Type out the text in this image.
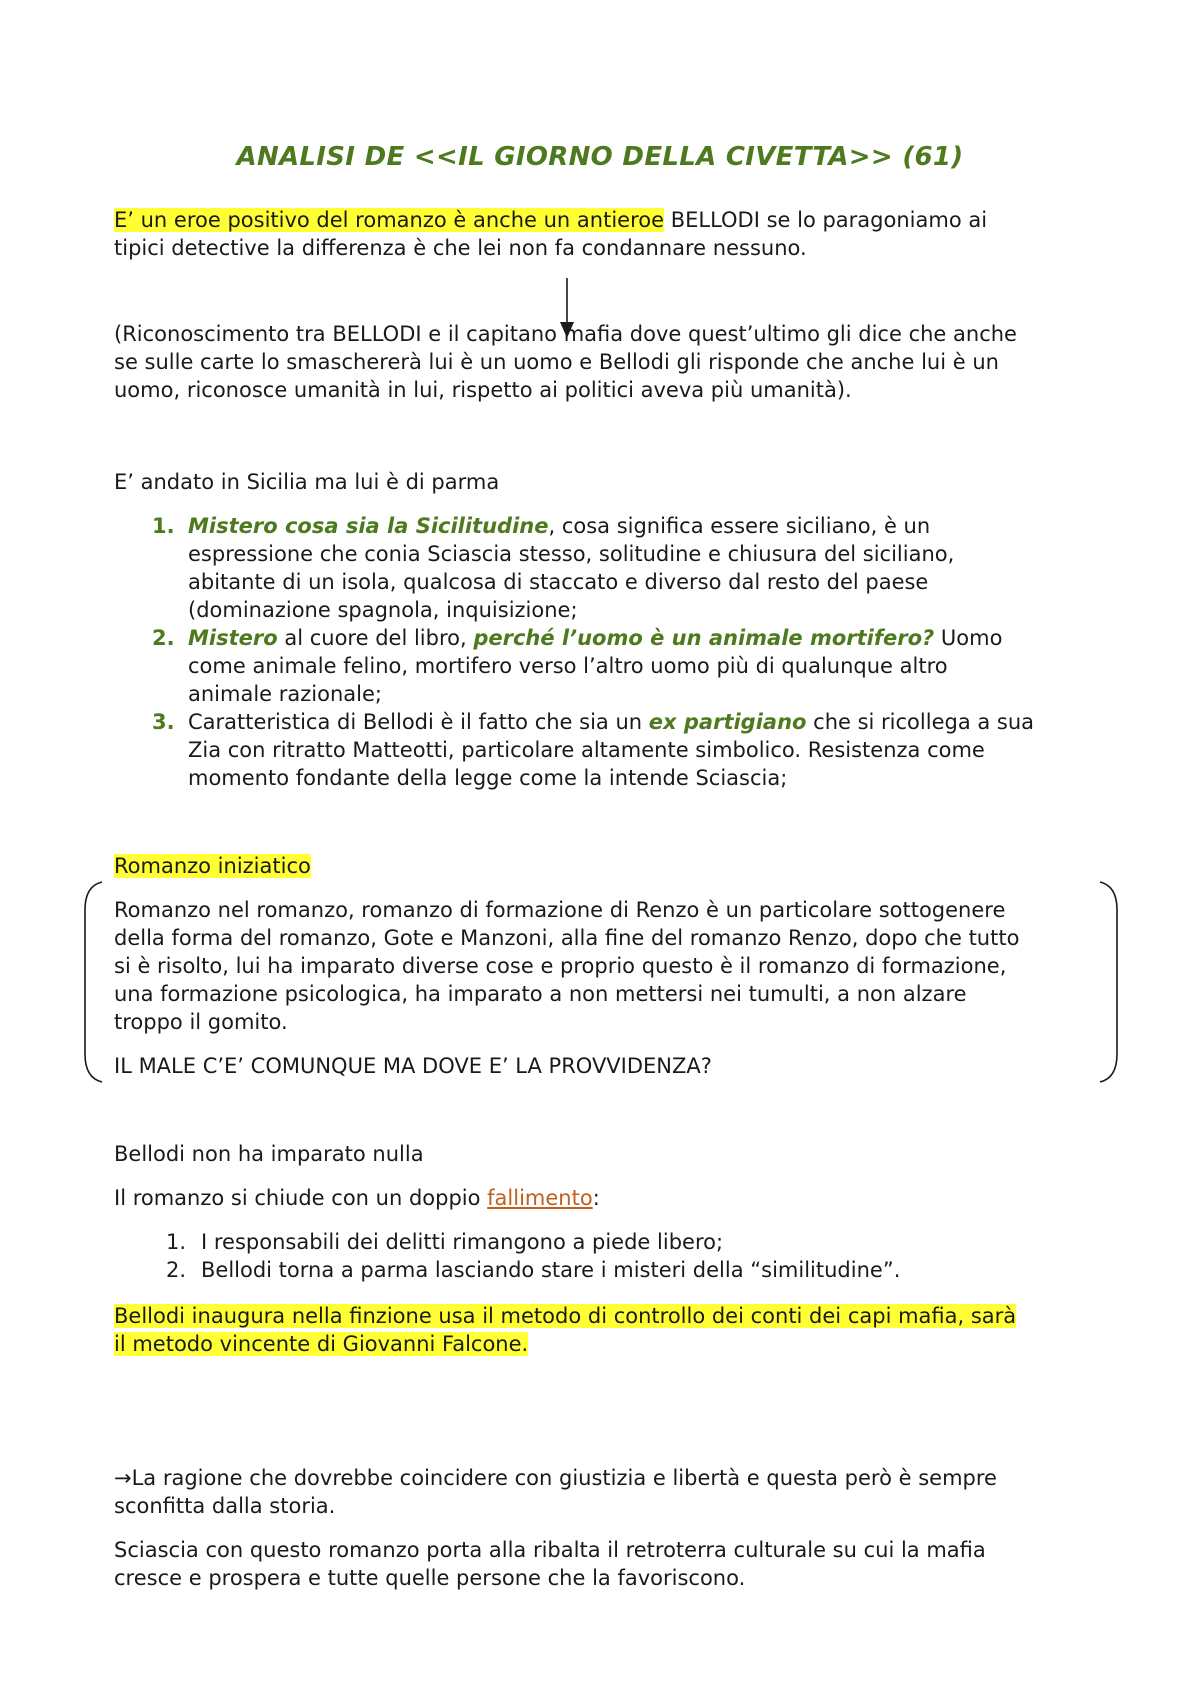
ANALISI DE <<IL GIORNO DELLA CIVETTA>> (61)

E’ un eroe positivo del romanzo è anche un antieroe BELLODI se lo paragoniamo ai
tipici detective la differenza è che lei non fa condannare nessuno.

(Riconoscimento tra BELLODI e il capitano mafia dove quest’ultimo gli dice che anche
se sulle carte lo smaschererà lui è un uomo e Bellodi gli risponde che anche lui è un
uomo, riconosce umanità in lui, rispetto ai politici aveva più umanità).

E’ andato in Sicilia ma lui è di parma

1. Mistero cosa sia la Sicilitudine, cosa significa essere siciliano, è un
espressione che conia Sciascia stesso, solitudine e chiusura del siciliano,
abitante di un isola, qualcosa di staccato e diverso dal resto del paese
(dominazione spagnola, inquisizione;
2. Mistero al cuore del libro, perché l’uomo è un animale mortifero? Uomo
come animale felino, mortifero verso l’altro uomo più di qualunque altro
animale razionale;
3. Caratteristica di Bellodi è il fatto che sia un ex partigiano che si ricollega a sua
Zia con ritratto Matteotti, particolare altamente simbolico. Resistenza come
momento fondante della legge come la intende Sciascia;

Romanzo iniziatico

Romanzo nel romanzo, romanzo di formazione di Renzo è un particolare sottogenere
della forma del romanzo, Gote e Manzoni, alla fine del romanzo Renzo, dopo che tutto
si è risolto, lui ha imparato diverse cose e proprio questo è il romanzo di formazione,
una formazione psicologica, ha imparato a non mettersi nei tumulti, a non alzare
troppo il gomito.

IL MALE C’E’ COMUNQUE MA DOVE E’ LA PROVVIDENZA?

Bellodi non ha imparato nulla

Il romanzo si chiude con un doppio fallimento:

1. I responsabili dei delitti rimangono a piede libero;
2. Bellodi torna a parma lasciando stare i misteri della “similitudine”.

Bellodi inaugura nella finzione usa il metodo di controllo dei conti dei capi mafia, sarà
il metodo vincente di Giovanni Falcone.

→La ragione che dovrebbe coincidere con giustizia e libertà e questa però è sempre
sconfitta dalla storia.

Sciascia con questo romanzo porta alla ribalta il retroterra culturale su cui la mafia
cresce e prospera e tutte quelle persone che la favoriscono.
